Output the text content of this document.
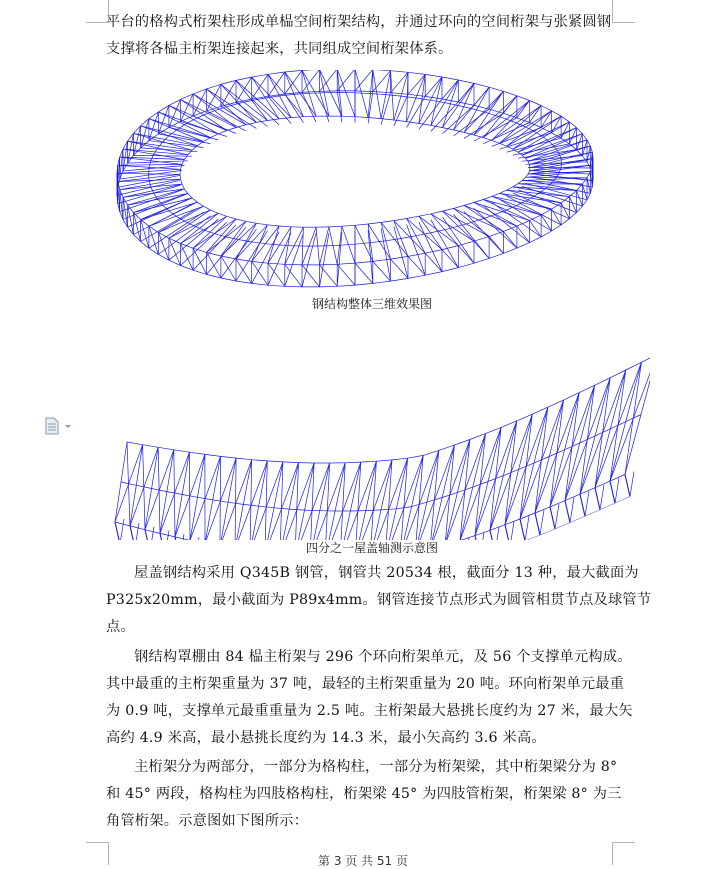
平台的格构式桁架柱形成单榀空间桁架结构，并通过环向的空间桁架与张紧圆钢
支撑将各榀主桁架连接起来，共同组成空间桁架体系。
钢结构整体三维效果图
四分之一屋盖轴测示意图
屋盖钢结构采用 Q345B 钢管，钢管共 20534 根，截面分 13 种，最大截面为
P325x20mm，最小截面为 P89x4mm。钢管连接节点形式为圆管相贯节点及球管节
点。
钢结构罩棚由 84 榀主桁架与 296 个环向桁架单元，及 56 个支撑单元构成。
其中最重的主桁架重量为 37 吨，最轻的主桁架重量为 20 吨。环向桁架单元最重
为 0.9 吨，支撑单元最重重量为 2.5 吨。主桁架最大悬挑长度约为 27 米，最大矢
高约 4.9 米高，最小悬挑长度约为 14.3 米，最小矢高约 3.6 米高。
主桁架分为两部分，一部分为格构柱，一部分为桁架梁，其中桁架梁分为 8°
和 45° 两段，格构柱为四肢格构柱，桁架梁 45° 为四肢管桁架，桁架梁 8° 为三
角管桁架。示意图如下图所示：
第 3 页 共 51 页
